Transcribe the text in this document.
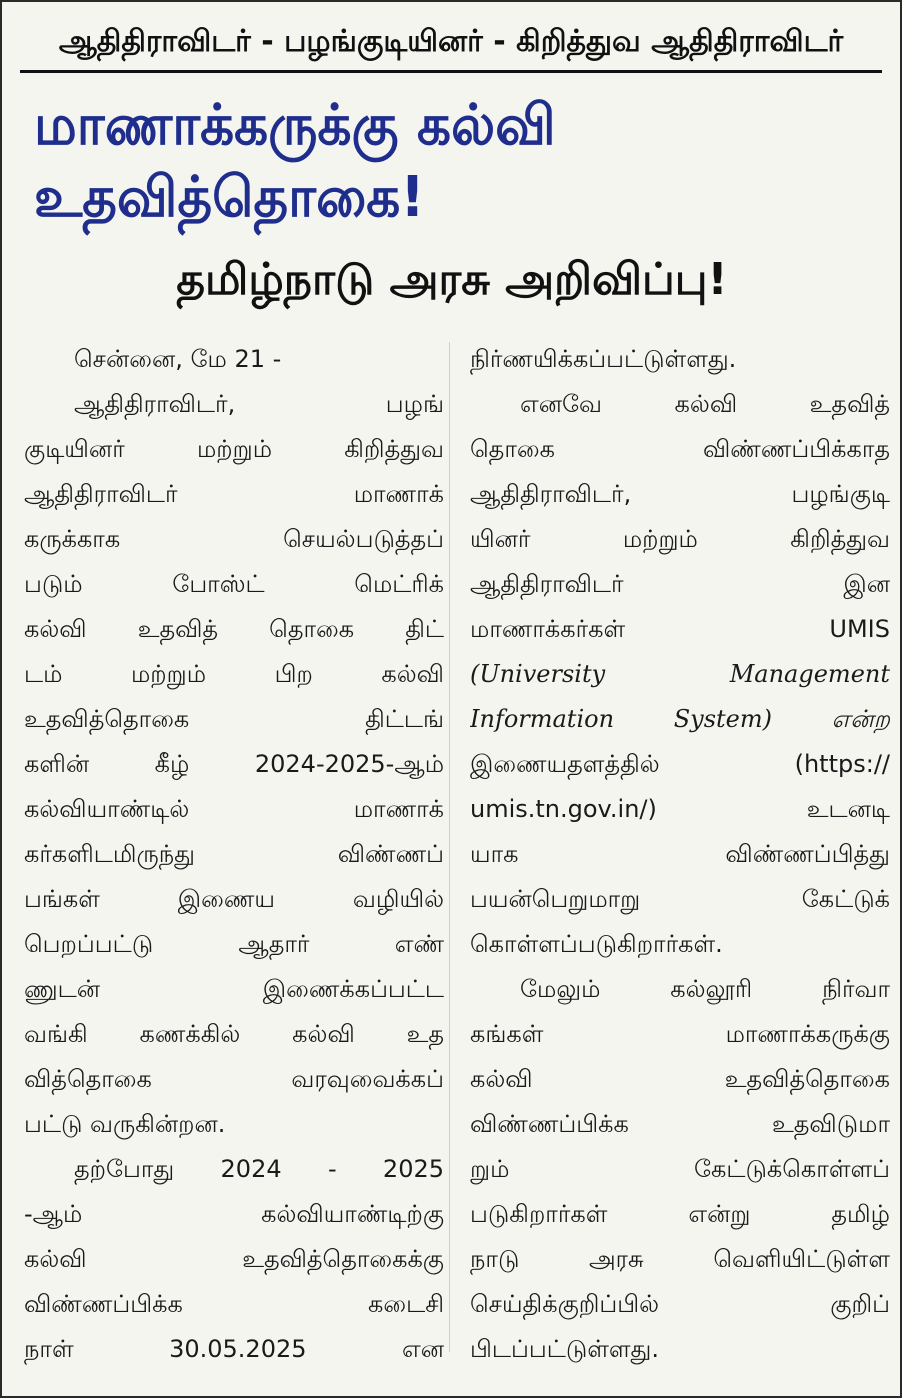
ஆதிதிராவிடர் - பழங்குடியினர் - கிறித்துவ ஆதிதிராவிடர்
மாணாக்கருக்கு கல்வி உதவித்தொகை!
தமிழ்நாடு அரசு அறிவிப்பு!
சென்னை, மே 21 -
ஆதிதிராவிடர், பழங்
குடியினர் மற்றும் கிறித்துவ
ஆதிதிராவிடர் மாணாக்
கருக்காக செயல்படுத்தப்
படும் போஸ்ட் மெட்ரிக்
கல்வி உதவித் தொகை திட்
டம் மற்றும் பிற கல்வி
உதவித்தொகை திட்டங்
களின் கீழ் 2024-2025-ஆம்
கல்வியாண்டில் மாணாக்
கர்களிடமிருந்து விண்ணப்
பங்கள் இணைய வழியில்
பெறப்பட்டு ஆதார் எண்
ணுடன் இணைக்கப்பட்ட
வங்கி கணக்கில் கல்வி உத
வித்தொகை வரவுவைக்கப்
பட்டு வருகின்றன.
தற்போது 2024 - 2025
-ஆம் கல்வியாண்டிற்கு
கல்வி உதவித்தொகைக்கு
விண்ணப்பிக்க கடைசி
நாள் 30.05.2025 என
நிர்ணயிக்கப்பட்டுள்ளது.
எனவே கல்வி உதவித்
தொகை விண்ணப்பிக்காத
ஆதிதிராவிடர், பழங்குடி
யினர் மற்றும் கிறித்துவ
ஆதிதிராவிடர் இன
மாணாக்கர்கள் UMIS
(University Management
Information System) என்ற
இணையதளத்தில் (https://
umis.tn.gov.in/) உடனடி
யாக விண்ணப்பித்து
பயன்பெறுமாறு கேட்டுக்
கொள்ளப்படுகிறார்கள்.
மேலும் கல்லூரி நிர்வா
கங்கள் மாணாக்கருக்கு
கல்வி உதவித்தொகை
விண்ணப்பிக்க உதவிடுமா
றும் கேட்டுக்கொள்ளப்
படுகிறார்கள் என்று தமிழ்
நாடு அரசு வெளியிட்டுள்ள
செய்திக்குறிப்பில் குறிப்
பிடப்பட்டுள்ளது.
